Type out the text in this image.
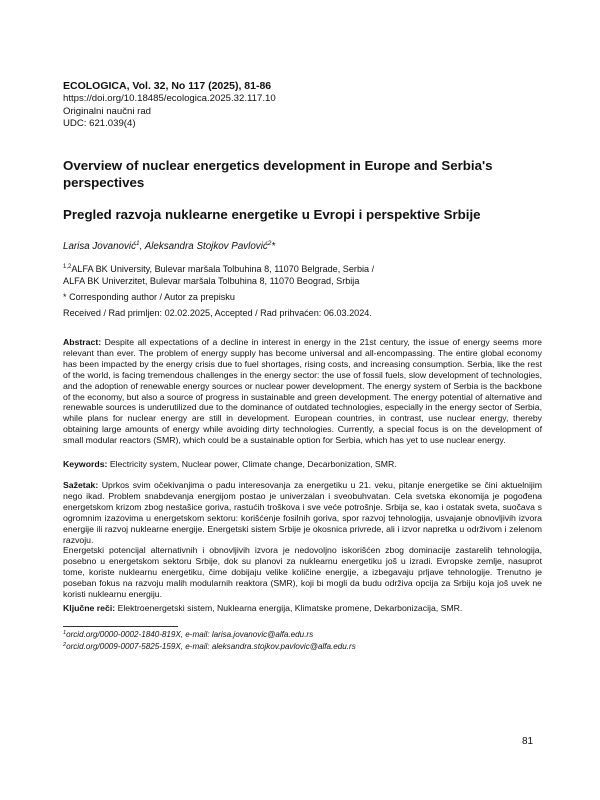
ECOLOGICA, Vol. 32, No 117 (2025), 81-86
https://doi.org/10.18485/ecologica.2025.32.117.10
Originalni naučni rad
UDC: 621.039(4)
Overview of nuclear energetics development in Europe and Serbia's perspectives
Pregled razvoja nuklearne energetike u Evropi i perspektive Srbije
Larisa Jovanović$^1$, Aleksandra Stojkov Pavlović$^2$*
$^{1,2}$ALFA BK University, Bulevar maršala Tolbuhina 8, 11070 Belgrade, Serbia /
ALFA BK Univerzitet, Bulevar maršala Tolbuhina 8, 11070 Beograd, Srbija
* Corresponding author / Autor za prepisku
Received / Rad primljen: 02.02.2025, Accepted / Rad prihvaćen: 06.03.2024.
Abstract: Despite all expectations of a decline in interest in energy in the 21st century, the issue of energy seems more relevant than ever. The problem of energy supply has become universal and all-encompassing. The entire global economy has been impacted by the energy crisis due to fuel shortages, rising costs, and increasing consumption. Serbia, like the rest of the world, is facing tremendous challenges in the energy sector: the use of fossil fuels, slow development of technologies, and the adoption of renewable energy sources or nuclear power development. The energy system of Serbia is the backbone of the economy, but also a source of progress in sustainable and green development. The energy potential of alternative and renewable sources is underutilized due to the dominance of outdated technologies, especially in the energy sector of Serbia, while plans for nuclear energy are still in development. European countries, in contrast, use nuclear energy, thereby obtaining large amounts of energy while avoiding dirty technologies. Currently, a special focus is on the development of small modular reactors (SMR), which could be a sustainable option for Serbia, which has yet to use nuclear energy.
Keywords: Electricity system, Nuclear power, Climate change, Decarbonization, SMR.

Sažetak: Uprkos svim očekivanjima o padu interesovanja za energetiku u 21. veku, pitanje energetike se čini aktuelnijim nego ikad. Problem snabdevanja energijom postao je univerzalan i sveobuhvatan. Cela svetska ekonomija je pogođena energetskom krizom zbog nestašice goriva, rastućih troškova i sve veće potrošnje. Srbija se, kao i ostatak sveta, suočava s ogromnim izazovima u energetskom sektoru: korišćenje fosilnih goriva, spor razvoj tehnologija, usvajanje obnovljivih izvora energije ili razvoj nuklearne energije. Energetski sistem Srbije je okosnica privrede, ali i izvor napretka u održivom i zelenom razvoju.

Energetski potencijal alternativnih i obnovljivih izvora je nedovoljno iskorišćen zbog dominacije zastarelih tehnologija, posebno u energetskom sektoru Srbije, dok su planovi za nuklearnu energetiku još u izradi. Evropske zemlje, nasuprot tome, koriste nuklearnu energetiku, čime dobijaju velike količine energije, a izbegavaju prljave tehnologije. Trenutno je poseban fokus na razvoju malih modularnih reaktora (SMR), koji bi mogli da budu održiva opcija za Srbiju koja još uvek ne koristi nuklearnu energiju.

Ključne reči: Elektroenergetski sistem, Nuklearna energija, Klimatske promene, Dekarbonizacija, SMR.
$^1$orcid.org/0000-0002-1840-819X, e-mail: larisa.jovanovic@alfa.edu.rs
$^2$orcid.org/0009-0007-5825-159X, e-mail: aleksandra.stojkov.pavlovic@alfa.edu.rs
81
